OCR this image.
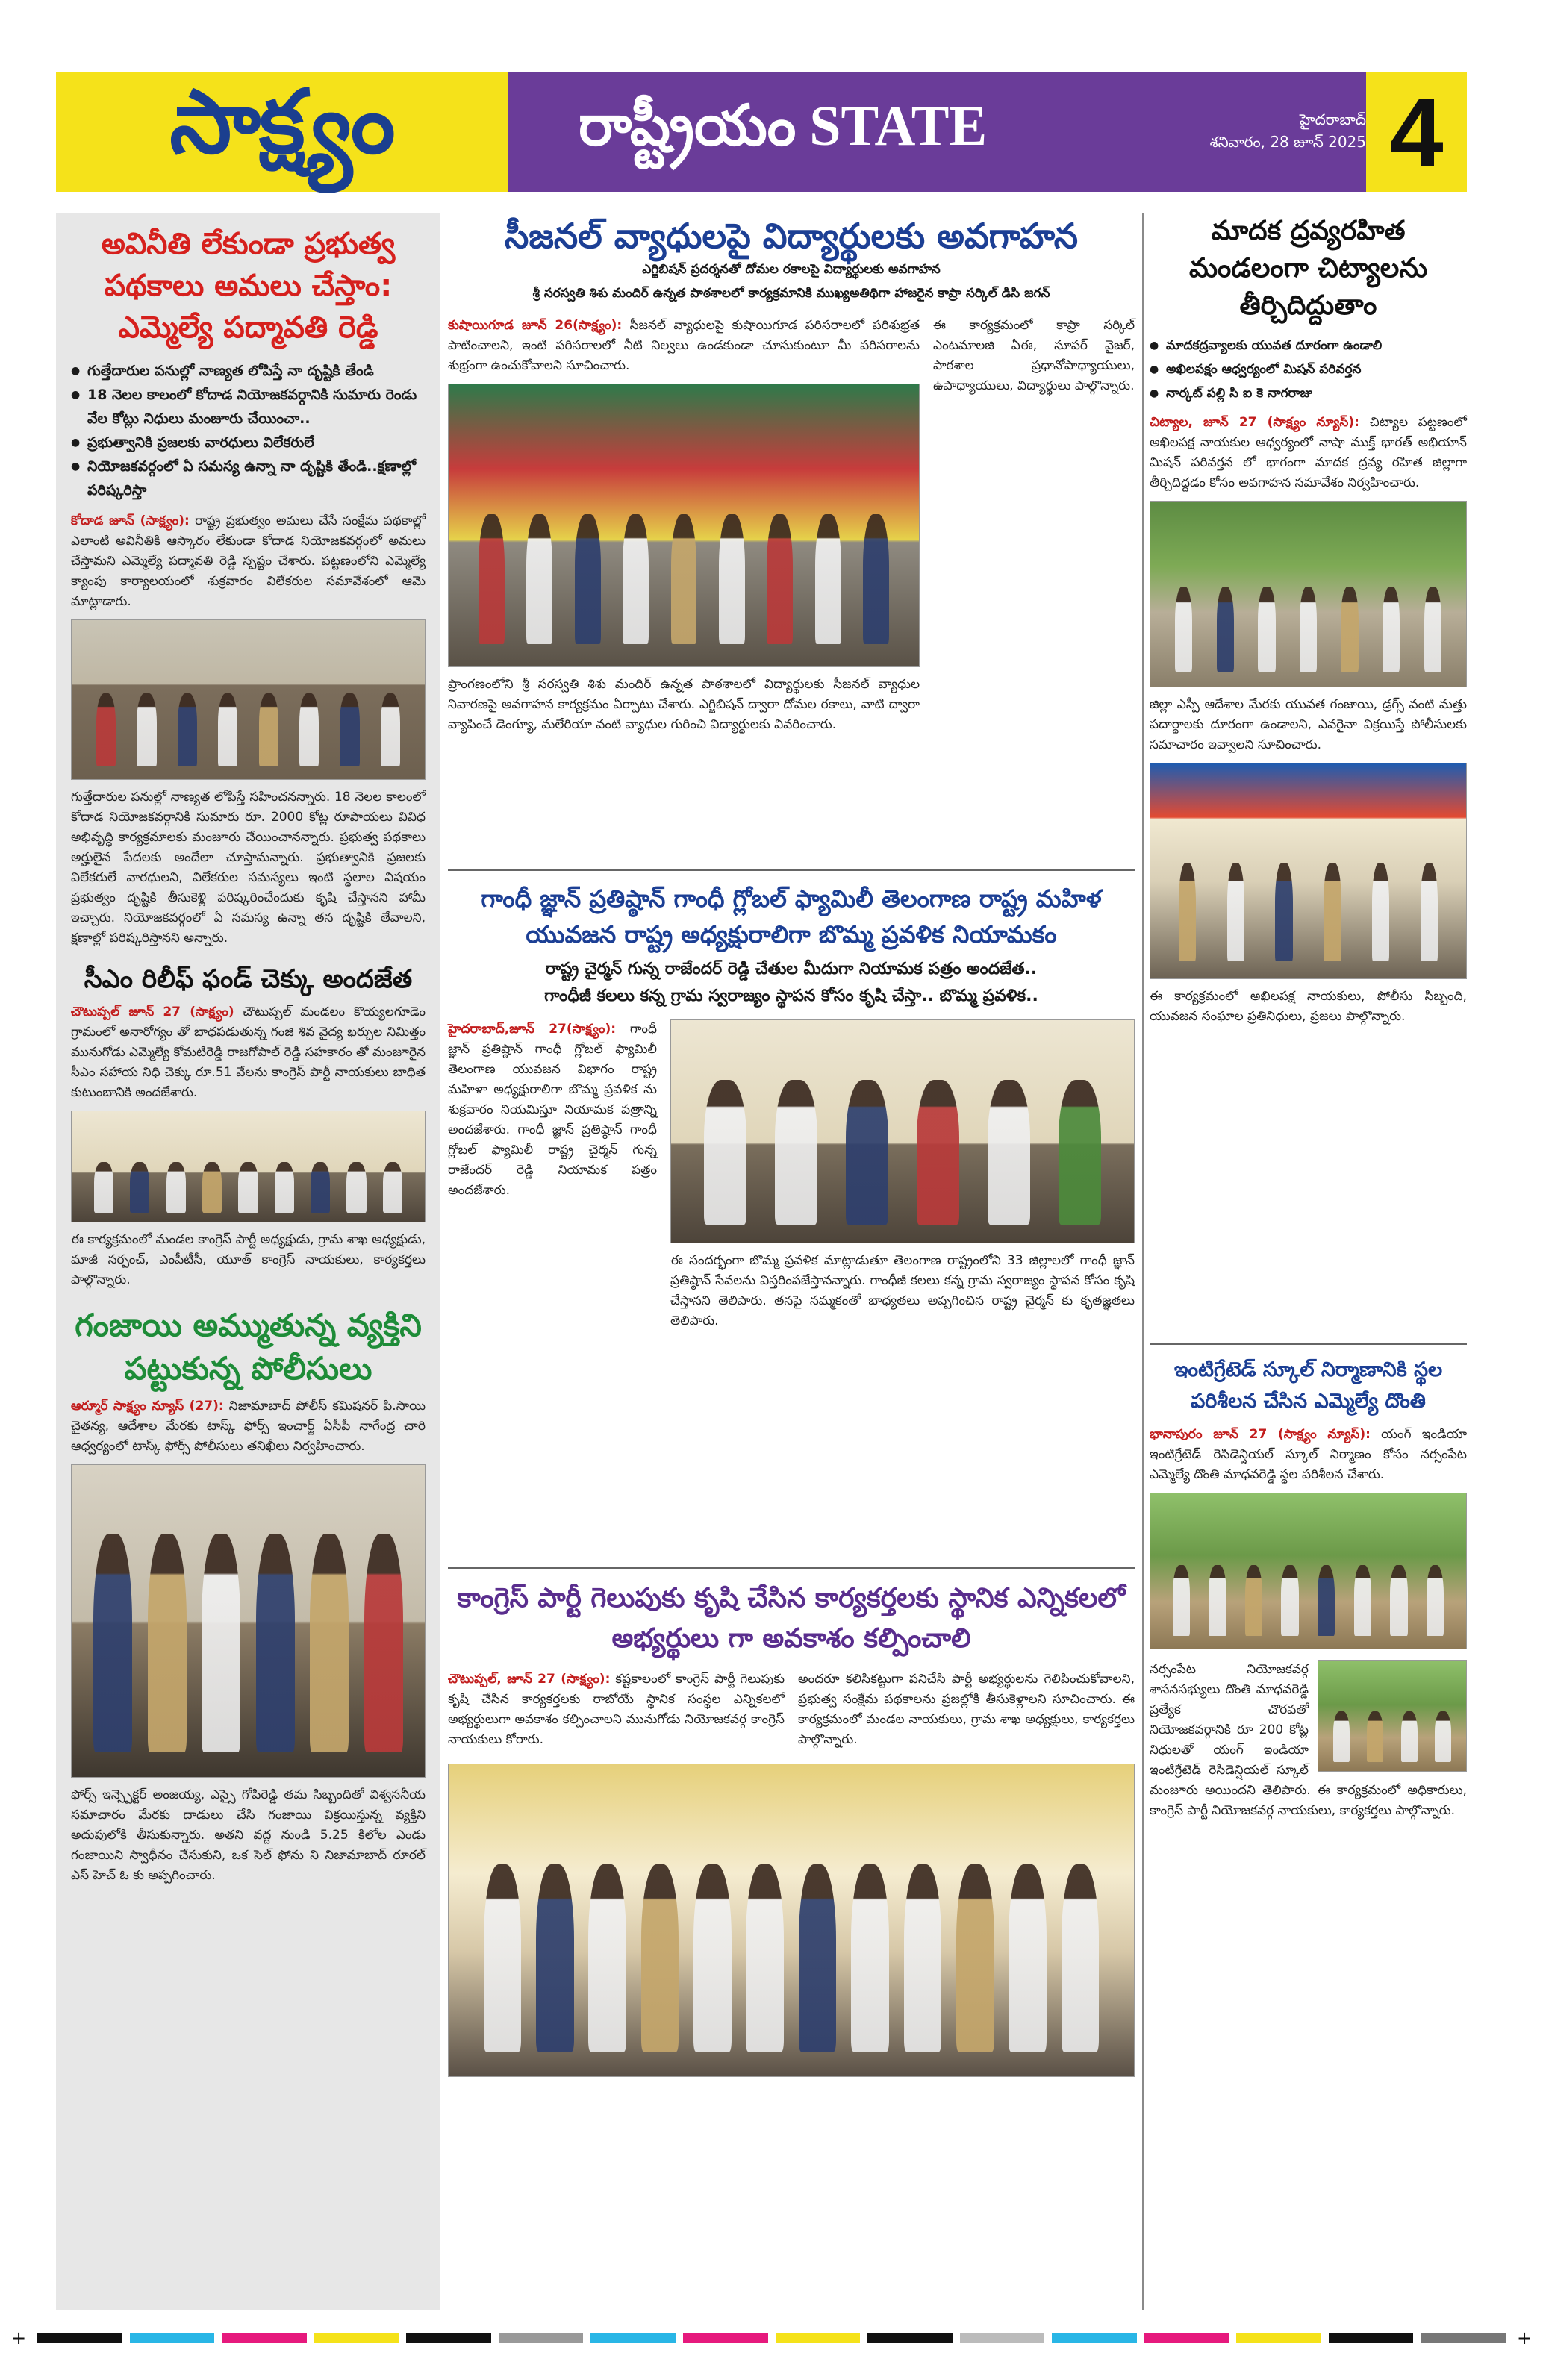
సాక్ష్యం	రాష్ట్రీయం STATE	హైదరాబాద్
శనివారం, 28 జూన్ 2025 4
అవినీతి లేకుండా ప్రభుత్వ పథకాలు అమలు చేస్తాం: ఎమ్మెల్యే పద్మావతి రెడ్డి
● గుత్తేదారుల పనుల్లో నాణ్యత లోపిస్తే నా దృష్టికి తేండి
● 18 నెలల కాలంలో కోదాడ నియోజకవర్గానికి సుమారు రెండు వేల కోట్లు నిధులు మంజూరు చేయించా..
● ప్రభుత్వానికి ప్రజలకు వారధులు విలేకరులే
● నియోజకవర్గంలో ఏ సమస్య ఉన్నా నా దృష్టికి తేండి..క్షణాల్లో పరిష్కరిస్తా

కోదాడ జూన్ (సాక్ష్యం): రాష్ట్ర ప్రభుత్వం అమలు చేసే సంక్షేమ పథకాల్లో ఎలాంటి అవినీతికి ఆస్కారం లేకుండా కోదాడ నియోజకవర్గంలో అమలు చేస్తామని ఎమ్మెల్యే పద్మావతి రెడ్డి స్పష్టం చేశారు. పట్టణంలోని ఎమ్మెల్యే క్యాంపు కార్యాలయంలో శుక్రవారం విలేకరుల సమావేశంలో ఆమె మాట్లాడారు.

గుత్తేదారుల పనుల్లో నాణ్యత లోపిస్తే సహించనన్నారు. 18 నెలల కాలంలో కోదాడ నియోజకవర్గానికి సుమారు రూ. 2000 కోట్ల రూపాయలు వివిధ అభివృద్ధి కార్యక్రమాలకు మంజూరు చేయించానన్నారు. ప్రభుత్వ పథకాలు అర్హులైన పేదలకు అందేలా చూస్తామన్నారు. ప్రభుత్వానికి ప్రజలకు విలేకరులే వారధులని, విలేకరుల సమస్యలు ఇంటి స్థలాల విషయం ప్రభుత్వం దృష్టికి తీసుకెళ్లి పరిష్కరించేందుకు కృషి చేస్తానని హామీ ఇచ్చారు. నియోజకవర్గంలో ఏ సమస్య ఉన్నా తన దృష్టికి తేవాలని, క్షణాల్లో పరిష్కరిస్తానని అన్నారు.

సీఎం రిలీఫ్ ఫండ్ చెక్కు అందజేత

చౌటుప్పల్ జూన్ 27 (సాక్ష్యం) చౌటుప్పల్ మండలం కొయ్యలగూడెం గ్రామంలో అనారోగ్యం తో బాధపడుతున్న గంజి శివ వైద్య ఖర్చుల నిమిత్తం మునుగోడు ఎమ్మెల్యే కోమటిరెడ్డి రాజగోపాల్ రెడ్డి సహకారం తో మంజూరైన సీఎం సహాయ నిధి చెక్కు రూ.51 వేలను కాంగ్రెస్ పార్టీ నాయకులు బాధిత కుటుంబానికి అందజేశారు.

ఈ కార్యక్రమంలో మండల కాంగ్రెస్ పార్టీ అధ్యక్షుడు, గ్రామ శాఖ అధ్యక్షుడు, మాజీ సర్పంచ్, ఎంపీటీసీ, యూత్ కాంగ్రెస్ నాయకులు, కార్యకర్తలు పాల్గొన్నారు.

గంజాయి అమ్ముతున్న వ్యక్తిని పట్టుకున్న పోలీసులు

ఆర్మూర్ సాక్ష్యం న్యూస్ (27): నిజామాబాద్ పోలీస్ కమిషనర్ పి.సాయి చైతన్య, ఆదేశాల మేరకు టాస్క్ ఫోర్స్ ఇంచార్జ్ ఏసీపీ నాగేంద్ర చారి ఆధ్వర్యంలో టాస్క్ ఫోర్స్ పోలీసులు తనిఖీలు నిర్వహించారు.

ఫోర్స్ ఇన్స్పెక్టర్ అంజయ్య, ఎస్సై గోపిరెడ్డి తమ సిబ్బందితో విశ్వసనీయ సమాచారం మేరకు దాడులు చేసి గంజాయి విక్రయిస్తున్న వ్యక్తిని అదుపులోకి తీసుకున్నారు. అతని వద్ద నుండి 5.25 కిలోల ఎండు గంజాయిని స్వాధీనం చేసుకుని, ఒక సెల్ ఫోను ని నిజామాబాద్ రూరల్ ఎస్ హెచ్ ఓ కు అప్పగించారు.

సీజనల్ వ్యాధులపై విద్యార్థులకు అవగాహన
ఎగ్జిబిషన్ ప్రదర్శనతో దోమల రకాలపై విద్యార్థులకు అవగాహన
శ్రీ సరస్వతి శిశు మందిర్ ఉన్నత పాఠశాలలో కార్యక్రమానికి ముఖ్యఅతిథిగా హాజరైన కాప్రా సర్కిల్ డిసి జగన్

కుషాయిగూడ జూన్ 26(సాక్ష్యం): సీజనల్ వ్యాధులపై కుషాయిగూడ పరిసరాలలో పరిశుభ్రత పాటించాలని, ఇంటి పరిసరాలలో నీటి నిల్వలు ఉండకుండా చూసుకుంటూ మీ పరిసరాలను శుభ్రంగా ఉంచుకోవాలని సూచించారు.

ప్రాంగణంలోని శ్రీ సరస్వతి శిశు మందిర్ ఉన్నత పాఠశాలలో విద్యార్థులకు సీజనల్ వ్యాధుల నివారణపై అవగాహన కార్యక్రమం ఏర్పాటు చేశారు. ఎగ్జిబిషన్ ద్వారా దోమల రకాలు, వాటి ద్వారా వ్యాపించే డెంగ్యూ, మలేరియా వంటి వ్యాధుల గురించి విద్యార్థులకు వివరించారు.

ఈ కార్యక్రమంలో కాప్రా సర్కిల్ ఎంటమాలజి ఏఈ, సూపర్ వైజర్, పాఠశాల ప్రధానోపాధ్యాయులు, ఉపాధ్యాయులు, విద్యార్థులు పాల్గొన్నారు.

గాంధీ జ్ఞాన్ ప్రతిష్ఠాన్ గాంధీ గ్లోబల్ ఫ్యామిలీ తెలంగాణ రాష్ట్ర మహిళ యువజన రాష్ట్ర అధ్యక్షురాలిగా బొమ్మ ప్రవళిక నియామకం
రాష్ట్ర చైర్మన్ గున్న రాజేందర్ రెడ్డి చేతుల మీదుగా నియామక పత్రం అందజేత..
గాంధీజీ కలలు కన్న గ్రామ స్వరాజ్యం స్థాపన కోసం కృషి చేస్తా.. బొమ్మ ప్రవళిక..

హైదరాబాద్,జూన్ 27(సాక్ష్యం): గాంధీ జ్ఞాన్ ప్రతిష్ఠాన్ గాంధీ గ్లోబల్ ఫ్యామిలీ తెలంగాణ యువజన విభాగం రాష్ట్ర మహిళా అధ్యక్షురాలిగా బొమ్మ ప్రవళిక ను శుక్రవారం నియమిస్తూ నియామక పత్రాన్ని అందజేశారు. గాంధీ జ్ఞాన్ ప్రతిష్ఠాన్ గాంధీ గ్లోబల్ ఫ్యామిలీ రాష్ట్ర చైర్మన్ గున్న రాజేందర్ రెడ్డి నియామక పత్రం అందజేశారు.

ఈ సందర్భంగా బొమ్మ ప్రవళిక మాట్లాడుతూ తెలంగాణ రాష్ట్రంలోని 33 జిల్లాలలో గాంధీ జ్ఞాన్ ప్రతిష్ఠాన్ సేవలను విస్తరింపజేస్తానన్నారు. గాంధీజీ కలలు కన్న గ్రామ స్వరాజ్యం స్థాపన కోసం కృషి చేస్తానని తెలిపారు. తనపై నమ్మకంతో బాధ్యతలు అప్పగించిన రాష్ట్ర చైర్మన్ కు కృతజ్ఞతలు తెలిపారు.

కాంగ్రెస్ పార్టీ గెలుపుకు కృషి చేసిన కార్యకర్తలకు స్థానిక ఎన్నికలలో అభ్యర్థులు గా అవకాశం కల్పించాలి

చౌటుప్పల్, జూన్ 27 (సాక్ష్యం): కష్టకాలంలో కాంగ్రెస్ పార్టీ గెలుపుకు కృషి చేసిన కార్యకర్తలకు రాబోయే స్థానిక సంస్థల ఎన్నికలలో అభ్యర్థులుగా అవకాశం కల్పించాలని మునుగోడు నియోజకవర్గ కాంగ్రెస్ నాయకులు కోరారు.

అందరూ కలిసికట్టుగా పనిచేసి పార్టీ అభ్యర్థులను గెలిపించుకోవాలని, ప్రభుత్వ సంక్షేమ పథకాలను ప్రజల్లోకి తీసుకెళ్లాలని సూచించారు. ఈ కార్యక్రమంలో మండల నాయకులు, గ్రామ శాఖ అధ్యక్షులు, కార్యకర్తలు పాల్గొన్నారు.

మాదక ద్రవ్యరహిత మండలంగా చిట్యాలను తీర్చిదిద్దుతాం
● మాదకద్రవ్యాలకు యువత దూరంగా ఉండాలి
● అఖిలపక్షం ఆధ్వర్యంలో మిషన్ పరివర్తన
● నార్కట్ పల్లి సి ఐ కె నాగరాజు

చిట్యాల, జూన్ 27 (సాక్ష్యం న్యూస్): చిట్యాల పట్టణంలో అఖిలపక్ష నాయకుల ఆధ్వర్యంలో నాషా ముక్త్ భారత్ అభియాన్ మిషన్ పరివర్తన లో భాగంగా మాదక ద్రవ్య రహిత జిల్లాగా తీర్చిదిద్దడం కోసం అవగాహన సమావేశం నిర్వహించారు.

జిల్లా ఎస్పీ ఆదేశాల మేరకు యువత గంజాయి, డ్రగ్స్ వంటి మత్తు పదార్థాలకు దూరంగా ఉండాలని, ఎవరైనా విక్రయిస్తే పోలీసులకు సమాచారం ఇవ్వాలని సూచించారు.

ఈ కార్యక్రమంలో అఖిలపక్ష నాయకులు, పోలీసు సిబ్బంది, యువజన సంఘాల ప్రతినిధులు, ప్రజలు పాల్గొన్నారు.

ఇంటిగ్రేటెడ్ స్కూల్ నిర్మాణానికి స్థల పరిశీలన చేసిన ఎమ్మెల్యే దొంతి

భానాపురం జూన్ 27 (సాక్ష్యం న్యూస్): యంగ్ ఇండియా ఇంటిగ్రేటెడ్ రెసిడెన్షియల్ స్కూల్ నిర్మాణం కోసం నర్సంపేట ఎమ్మెల్యే దొంతి మాధవరెడ్డి స్థల పరిశీలన చేశారు.

నర్సంపేట నియోజకవర్గ శాసనసభ్యులు దొంతి మాధవరెడ్డి ప్రత్యేక చొరవతో నియోజకవర్గానికి రూ 200 కోట్ల నిధులతో యంగ్ ఇండియా ఇంటిగ్రేటెడ్ రెసిడెన్షియల్ స్కూల్ మంజూరు అయిందని తెలిపారు. ఈ కార్యక్రమంలో అధికారులు, కాంగ్రెస్ పార్టీ నియోజకవర్గ నాయకులు, కార్యకర్తలు పాల్గొన్నారు.

+	+
